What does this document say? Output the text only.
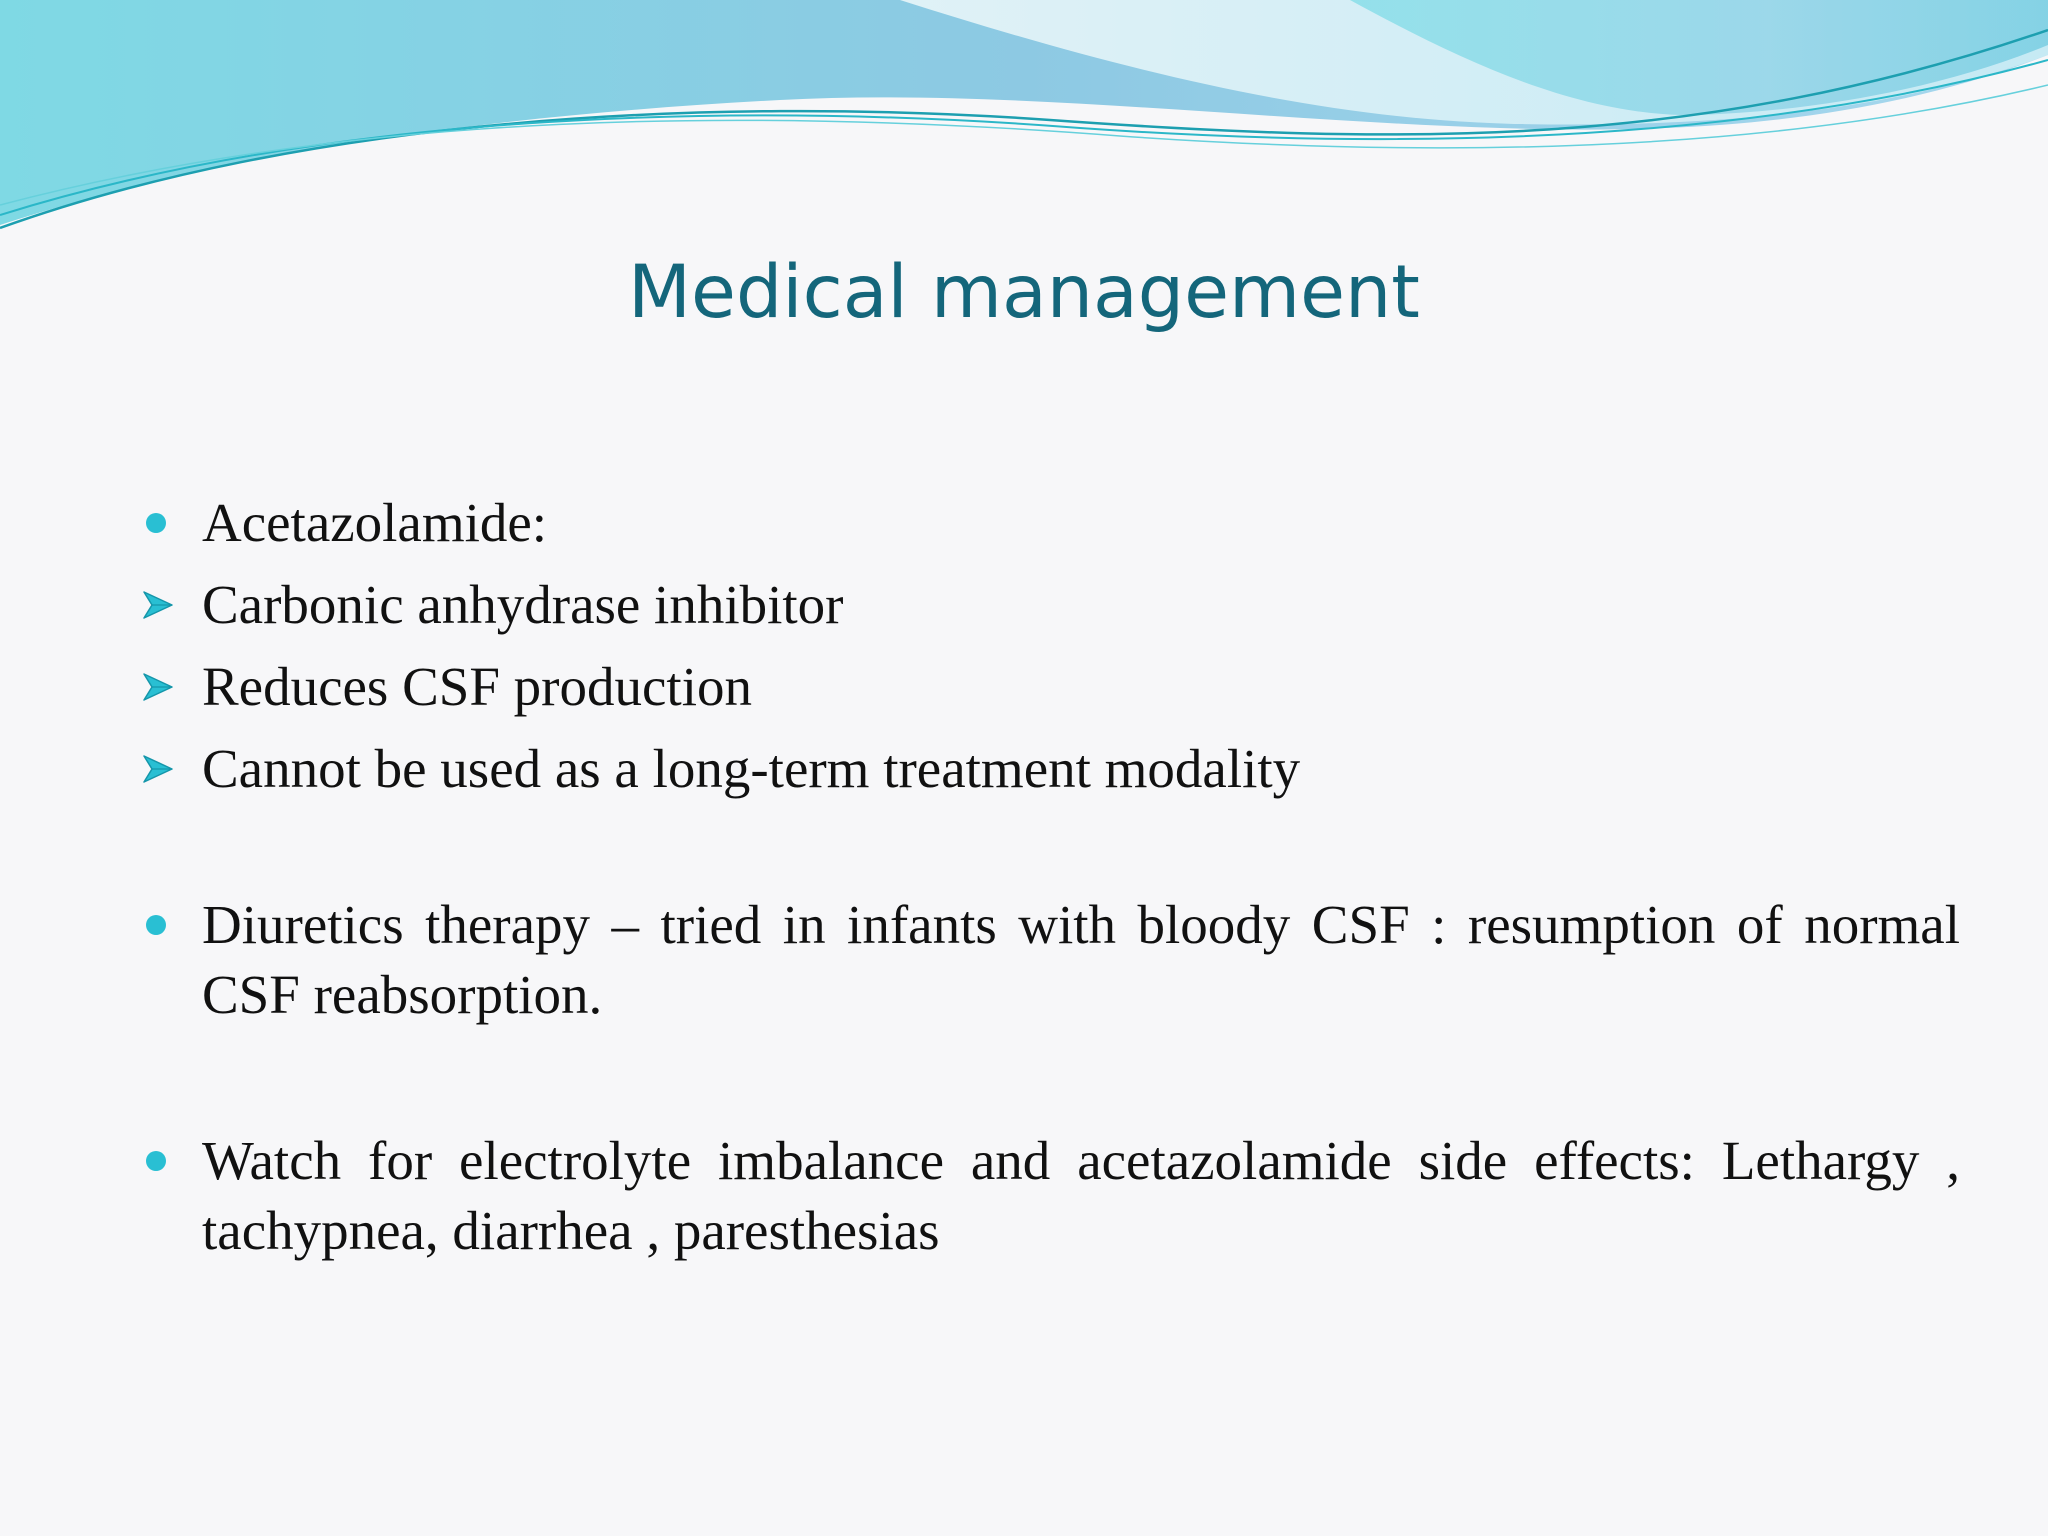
Medical management
Acetazolamide:
Carbonic anhydrase inhibitor
Reduces CSF production
Cannot be used as a long-term treatment modality
Diuretics therapy – tried in infants with bloody CSF : resumption of normal CSF reabsorption.
Watch for electrolyte imbalance and acetazolamide side effects: Lethargy , tachypnea, diarrhea , paresthesias
